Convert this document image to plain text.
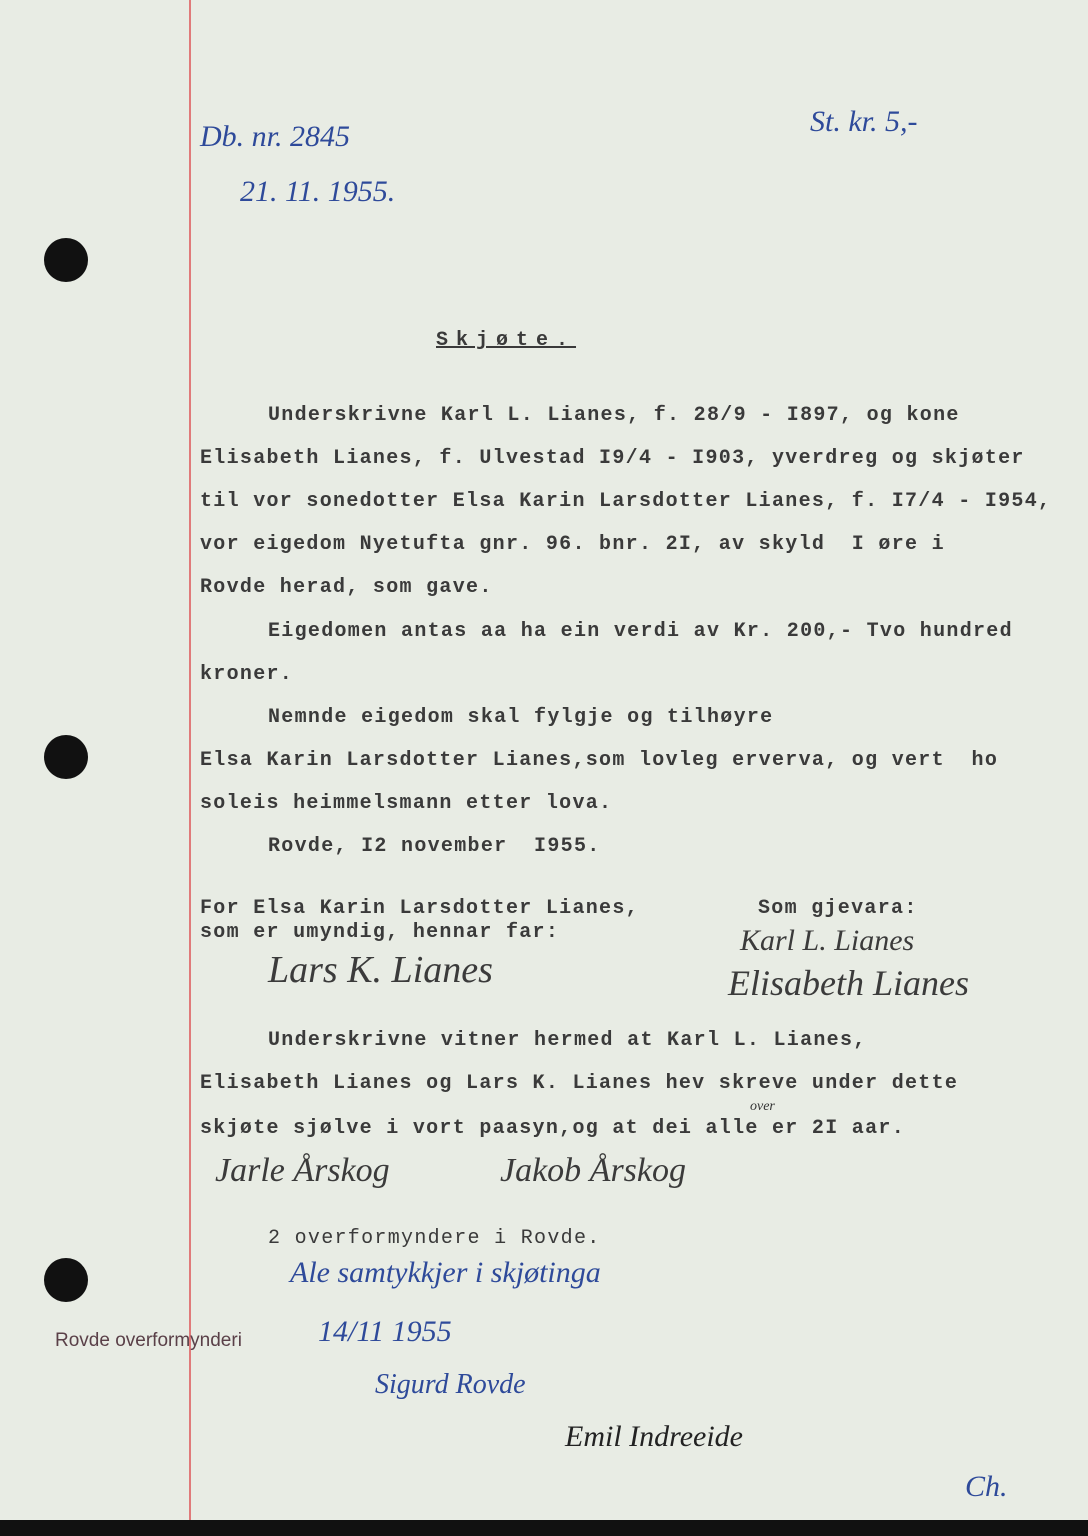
Db. nr. 2845
21. 11. 1955.
St. kr. 5,-
Skjøte.
Underskrivne Karl L. Lianes, f. 28/9 - I897, og kone
Elisabeth Lianes, f. Ulvestad I9/4 - I903, yverdreg og skjøter
til vor sonedotter Elsa Karin Larsdotter Lianes, f. I7/4 - I954,
vor eigedom Nyetufta gnr. 96. bnr. 2I, av skyld  I øre i
Rovde herad, som gave.
Eigedomen antas aa ha ein verdi av Kr. 200,- Tvo hundred
kroner.
Nemnde eigedom skal fylgje og tilhøyre
Elsa Karin Larsdotter Lianes,som lovleg erverva, og vert  ho
soleis heimmelsmann etter lova.
Rovde, I2 november  I955.
For Elsa Karin Larsdotter Lianes,
som er umyndig, hennar far:
Som gjevara:
Lars K. Lianes
Karl L. Lianes
Elisabeth Lianes
Underskrivne vitner hermed at Karl L. Lianes,
Elisabeth Lianes og Lars K. Lianes hev skreve under dette
skjøte sjølve i vort paasyn,og at dei alle er 2I aar.
over
Jarle Årskog	Jakob Årskog
2 overformyndere i Rovde.
Ale samtykkjer i skjøtinga
Rovde overformynderi	14/11 1955
Sigurd Rovde
Emil Indreeide
Ch.
